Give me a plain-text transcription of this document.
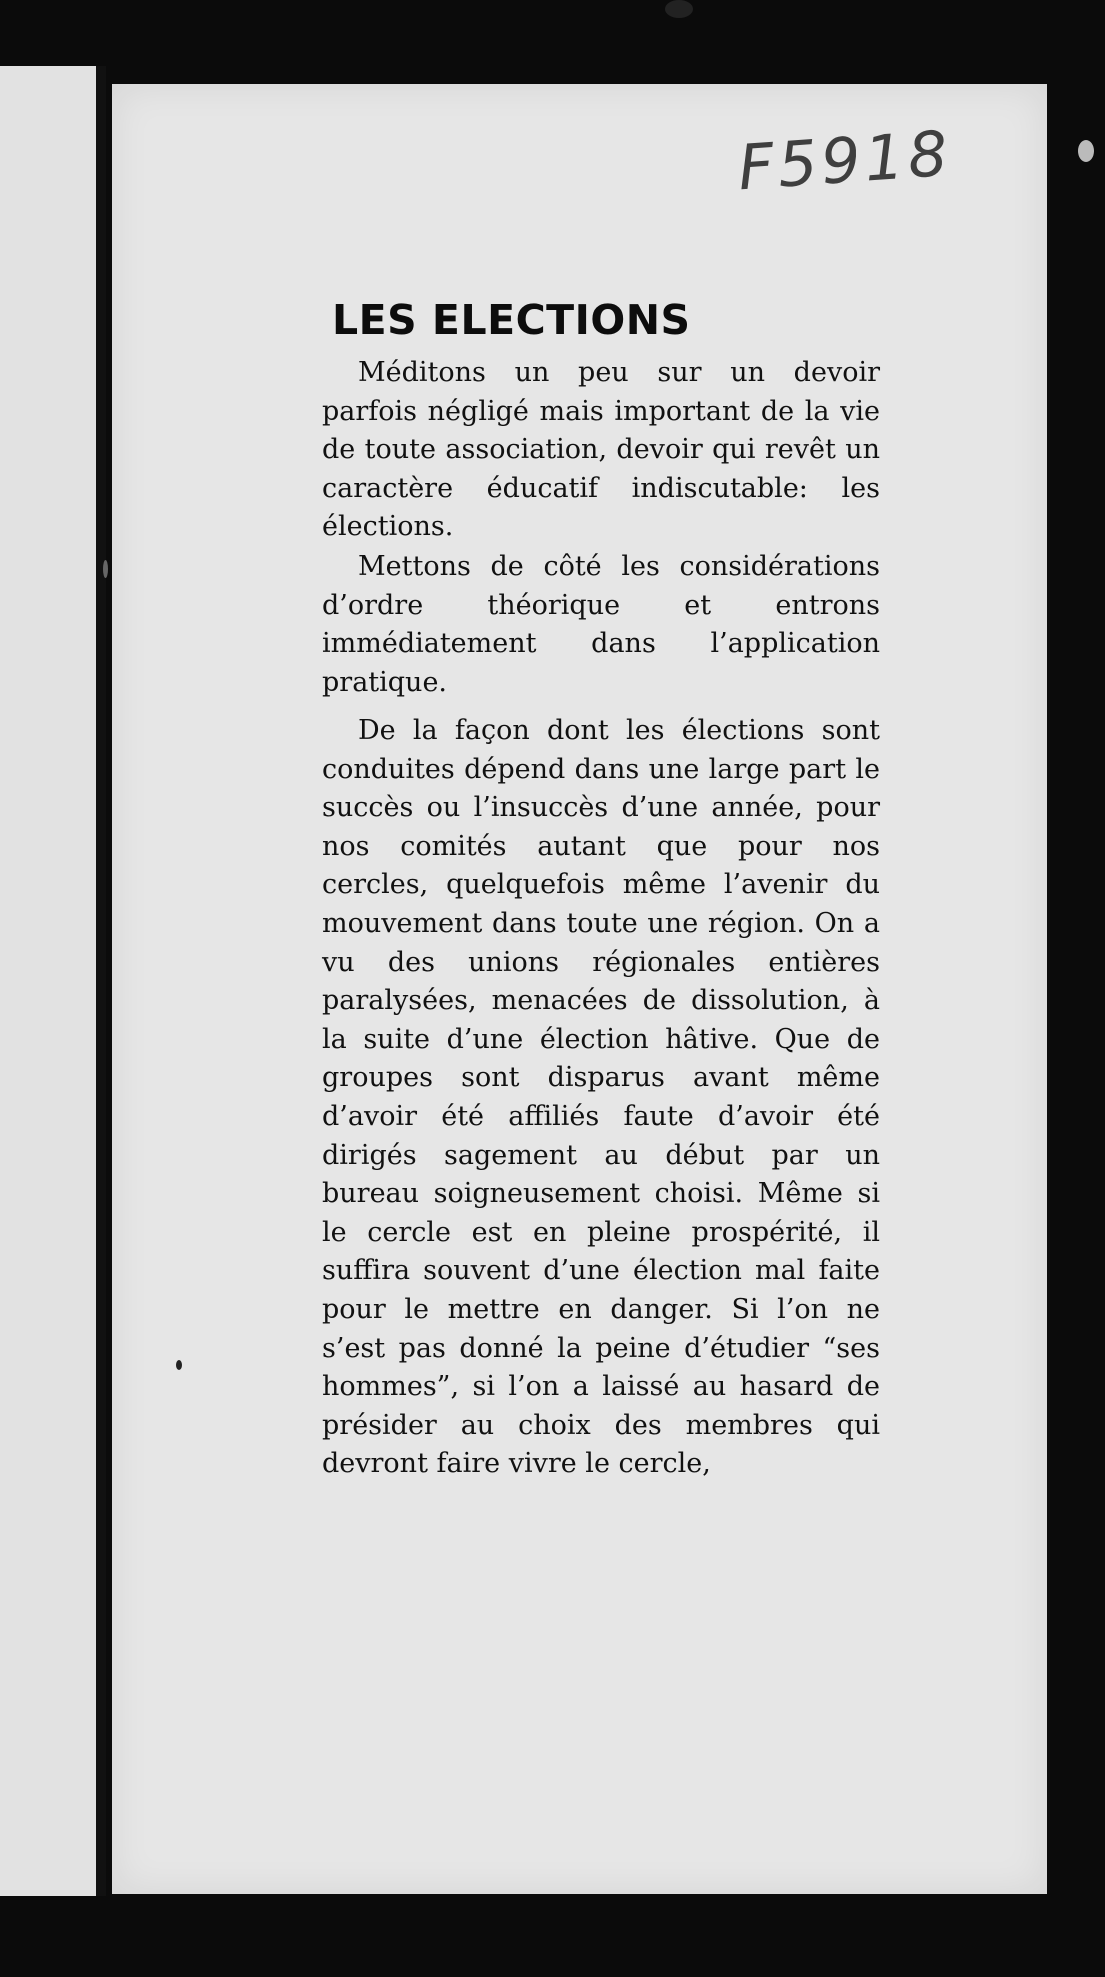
F5918
LES ELECTIONS

Méditons un peu sur un devoir parfois négligé mais important de la vie de toute association, devoir qui revêt un caractère éducatif indiscutable: les élections.

Mettons de côté les considérations d’ordre théorique et entrons immédiatement dans l’application pratique.

De la façon dont les élections sont conduites dépend dans une large part le succès ou l’insuccès d’une année, pour nos comités autant que pour nos cercles, quelquefois même l’avenir du mouvement dans toute une région. On a vu des unions régionales entières paralysées, menacées de dissolution, à la suite d’une élection hâtive. Que de groupes sont disparus avant même d’avoir été affiliés faute d’avoir été dirigés sagement au début par un bureau soigneusement choisi. Même si le cercle est en pleine prospérité, il suffira souvent d’une élection mal faite pour le mettre en danger. Si l’on ne s’est pas donné la peine d’étudier “ses hommes”, si l’on a laissé au hasard de présider au choix des membres qui devront faire vivre le cercle,
